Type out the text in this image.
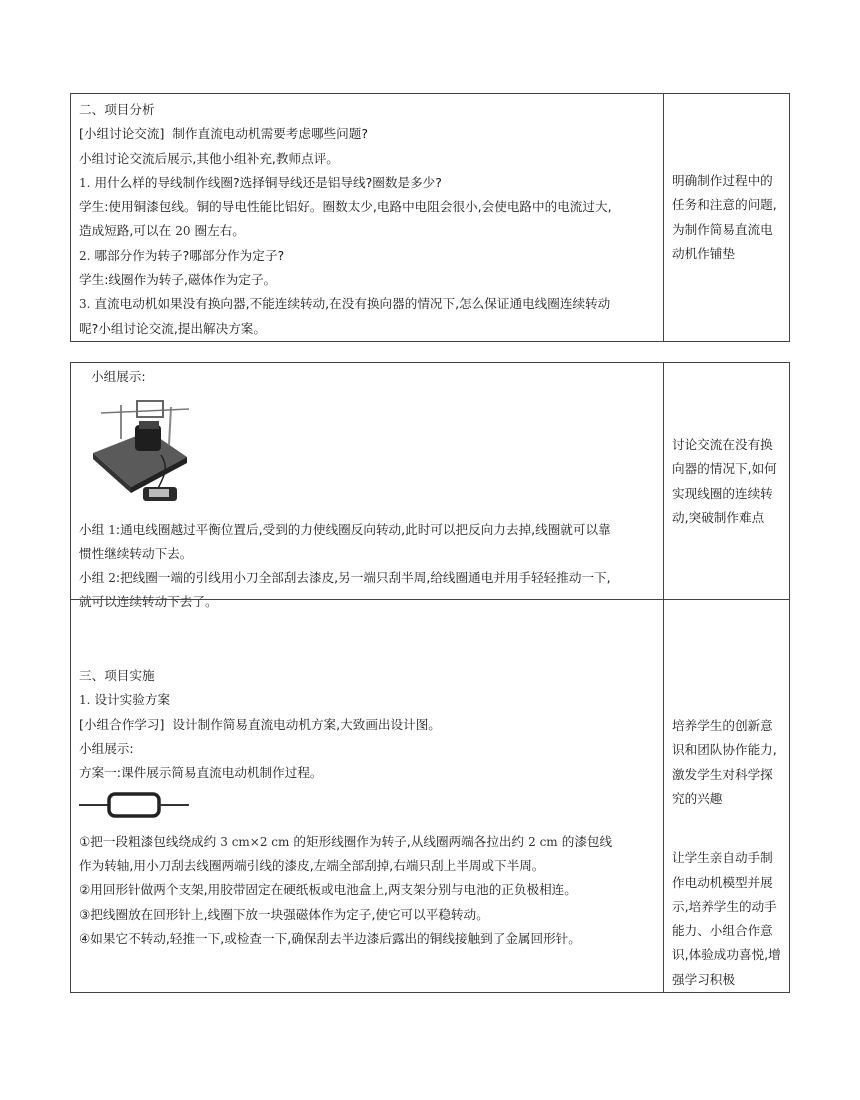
二、项目分析

[小组讨论交流] 制作直流电动机需要考虑哪些问题?

小组讨论交流后展示,其他小组补充,教师点评。

1. 用什么样的导线制作线圈?选择铜导线还是铝导线?圈数是多少?

学生:使用铜漆包线。铜的导电性能比铝好。圈数太少,电路中电阻会很小,会使电路中的电流过大,

造成短路,可以在 20 圈左右。

2. 哪部分作为转子?哪部分作为定子?

学生:线圈作为转子,磁体作为定子。

3. 直流电动机如果没有换向器,不能连续转动,在没有换向器的情况下,怎么保证通电线圈连续转动

呢?小组讨论交流,提出解决方案。

明确制作过程中的任务和注意的问题,为制作简易直流电动机作铺垫

小组展示:

小组 1:通电线圈越过平衡位置后,受到的力使线圈反向转动,此时可以把反向力去掉,线圈就可以靠

惯性继续转动下去。

小组 2:把线圈一端的引线用小刀全部刮去漆皮,另一端只刮半周,给线圈通电并用手轻轻推动一下,

就可以连续转动下去了。

讨论交流在没有换向器的情况下,如何实现线圈的连续转动,突破制作难点

三、项目实施

1. 设计实验方案

[小组合作学习] 设计制作简易直流电动机方案,大致画出设计图。

小组展示:

方案一:课件展示简易直流电动机制作过程。

①把一段粗漆包线绕成约 3 cm×2 cm 的矩形线圈作为转子,从线圈两端各拉出约 2 cm 的漆包线

作为转轴,用小刀刮去线圈两端引线的漆皮,左端全部刮掉,右端只刮上半周或下半周。

②用回形针做两个支架,用胶带固定在硬纸板或电池盒上,两支架分别与电池的正负极相连。

③把线圈放在回形针上,线圈下放一块强磁体作为定子,使它可以平稳转动。

④如果它不转动,轻推一下,或检查一下,确保刮去半边漆后露出的铜线接触到了金属回形针。

培养学生的创新意识和团队协作能力,激发学生对科学探究的兴趣

让学生亲自动手制作电动机模型并展示,培养学生的动手能力、小组合作意识,体验成功喜悦,增强学习积极
